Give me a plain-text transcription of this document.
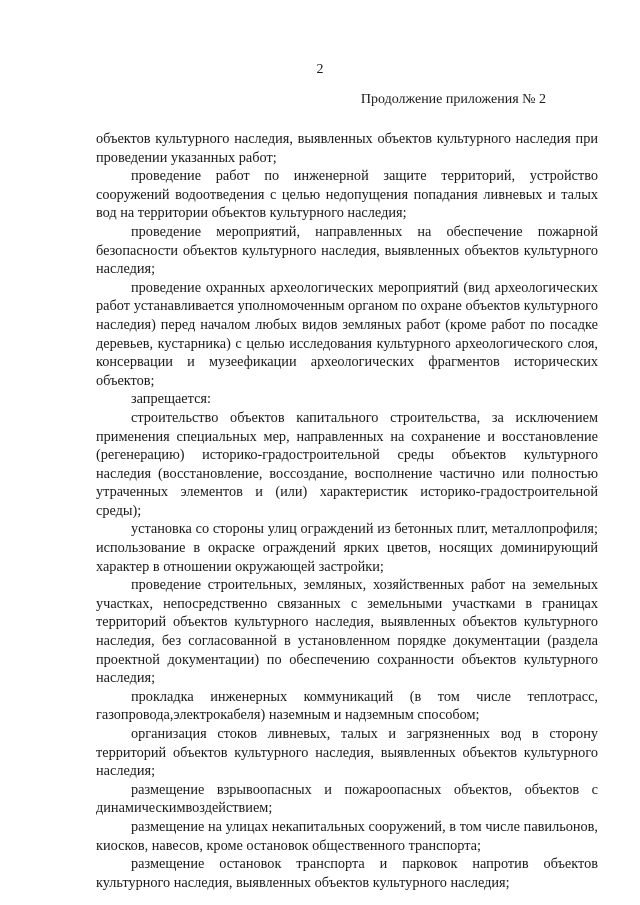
2
Продолжение приложения № 2

объектов культурного наследия, выявленных объектов культурного наследия при проведении указанных работ;

проведение работ по инженерной защите территорий, устройство сооружений водоотведения с целью недопущения попадания ливневых и талых вод на территории объектов культурного наследия;

проведение мероприятий, направленных на обеспечение пожарной безопасности объектов культурного наследия, выявленных объектов культурного наследия;

проведение охранных археологических мероприятий (вид археологических работ устанавливается уполномоченным органом по охране объектов культурного наследия) перед началом любых видов земляных работ (кроме работ по посадке деревьев, кустарника) с целью исследования культурного археологического слоя, консервации и музеефикации археологических фрагментов исторических объектов;

запрещается:

строительство объектов капитального строительства, за исключением применения специальных мер, направленных на сохранение и восстановление (регенерацию) историко-градостроительной среды объектов культурного наследия (восстановление, воссоздание, восполнение частично или полностью утраченных элементов и (или) характеристик историко-градостроительной среды);

установка со стороны улиц ограждений из бетонных плит, металлопрофиля; использование в окраске ограждений ярких цветов, носящих доминирующий характер в отношении окружающей застройки;

проведение строительных, земляных, хозяйственных работ на земельных участках, непосредственно связанных с земельными участками в границах территорий объектов культурного наследия, выявленных объектов культурного наследия, без согласованной в установленном порядке документации (раздела проектной документации) по обеспечению сохранности объектов культурного наследия;

прокладка инженерных коммуникаций (в том числе теплотрасс, газопровода,электрокабеля) наземным и надземным способом;

организация стоков ливневых, талых и загрязненных вод в сторону территорий объектов культурного наследия, выявленных объектов культурного наследия;

размещение взрывоопасных и пожароопасных объектов, объектов с динамическимвоздействием;

размещение на улицах некапитальных сооружений, в том числе павильонов, киосков, навесов, кроме остановок общественного транспорта;

размещение остановок транспорта и парковок напротив объектов культурного наследия, выявленных объектов культурного наследия;
